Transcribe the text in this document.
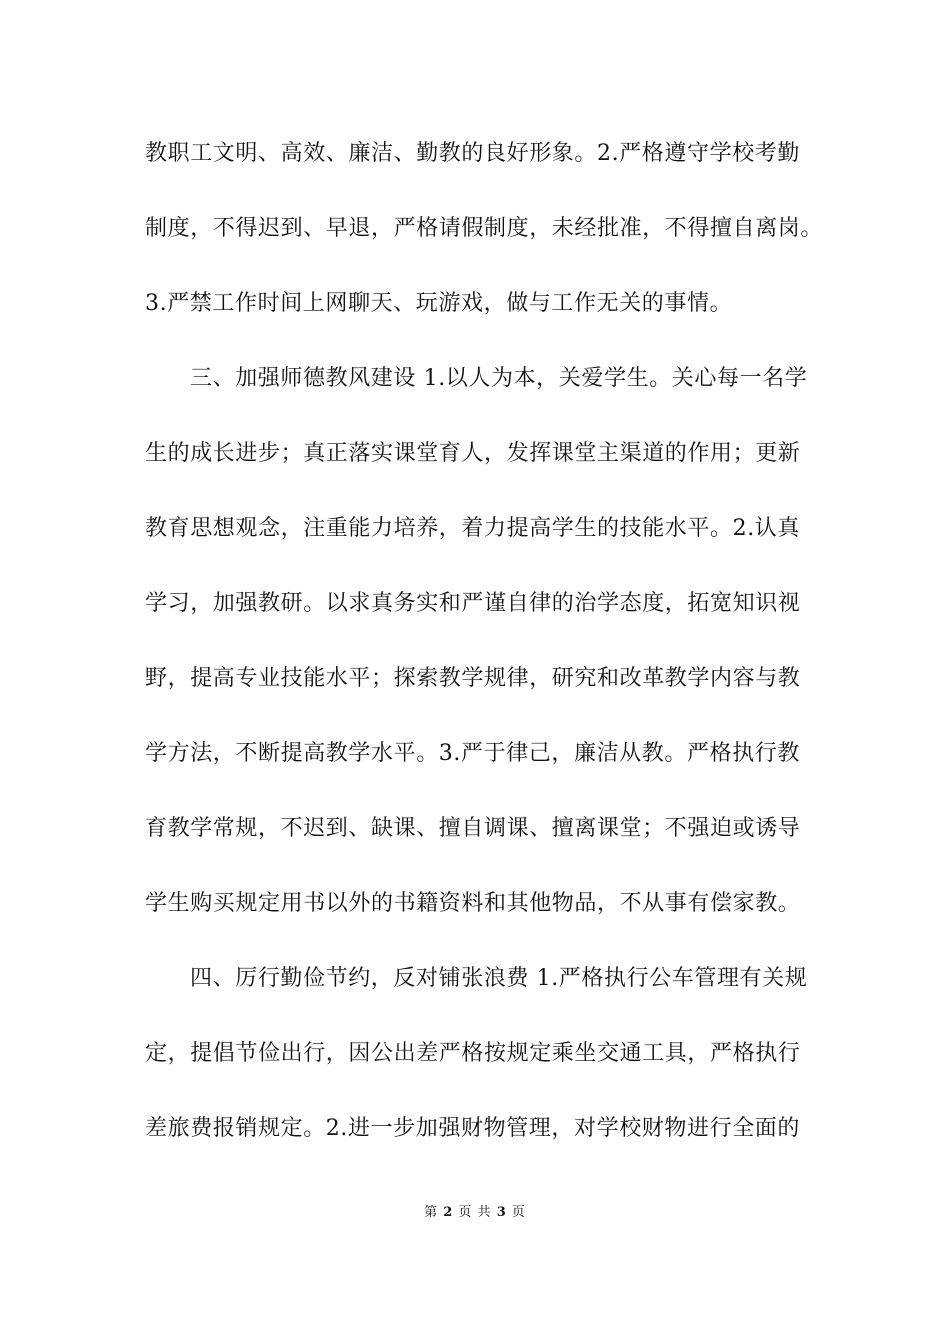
教职工文明、高效、廉洁、勤教的良好形象。2.严格遵守学校考勤
制度，不得迟到、早退，严格请假制度，未经批准，不得擅自离岗。
3.严禁工作时间上网聊天、玩游戏，做与工作无关的事情。
三、加强师德教风建设 1.以人为本，关爱学生。关心每一名学
生的成长进步；真正落实课堂育人，发挥课堂主渠道的作用；更新
教育思想观念，注重能力培养，着力提高学生的技能水平。2.认真
学习，加强教研。以求真务实和严谨自律的治学态度，拓宽知识视
野，提高专业技能水平；探索教学规律，研究和改革教学内容与教
学方法，不断提高教学水平。3.严于律己，廉洁从教。严格执行教
育教学常规，不迟到、缺课、擅自调课、擅离课堂；不强迫或诱导
学生购买规定用书以外的书籍资料和其他物品，不从事有偿家教。
四、厉行勤俭节约，反对铺张浪费 1.严格执行公车管理有关规
定，提倡节俭出行，因公出差严格按规定乘坐交通工具，严格执行
差旅费报销规定。2.进一步加强财物管理，对学校财物进行全面的
第 2 页 共 3 页
